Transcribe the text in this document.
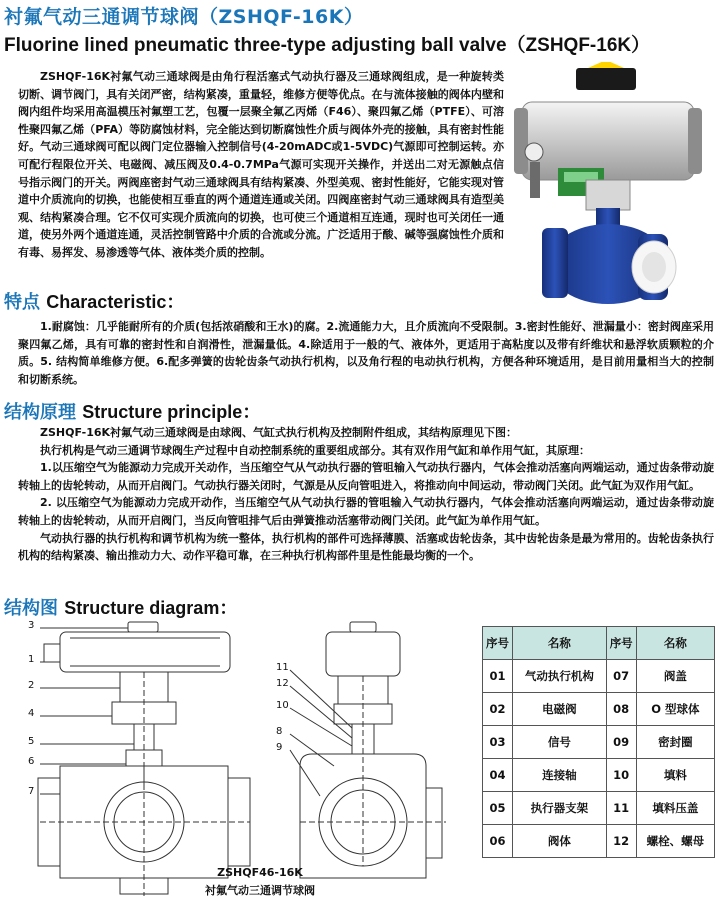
衬氟气动三通调节球阀（ZSHQF-16K）
Fluorine lined pneumatic three-type adjusting ball valve（ZSHQF-16K）
ZSHQF-16K衬氟气动三通球阀是由角行程活塞式气动执行器及三通球阀组成，是一种旋转类切断、调节阀门，具有关闭严密，结构紧凑，重量轻，维修方便等优点。在与流体接触的阀体内壁和阀内组件均采用高温模压衬氟塑工艺，包覆一层聚全氟乙丙烯（F46）、聚四氟乙烯（PTFE）、可溶性聚四氟乙烯（PFA）等防腐蚀材料，完全能达到切断腐蚀性介质与阀体外壳的接触，具有密封性能好。气动三通球阀可配以阀门定位器输入控制信号(4-20mADC或1-5VDC)气源即可控制运转。亦可配行程限位开关、电磁阀、减压阀及0.4-0.7MPa气源可实现开关操作，并送出二对无源触点信号指示阀门的开关。两阀座密封气动三通球阀具有结构紧凑、外型美观、密封性能好，它能实现对管道中介质流向的切换，也能使相互垂直的两个通道连通或关闭。四阀座密封气动三通球阀具有造型美观、结构紧凑合理。它不仅可实现介质流向的切换，也可使三个通道相互连通，现时也可关闭任一通道，使另外两个通道连通，灵活控制管路中介质的合流或分流。广泛适用于酸、碱等强腐蚀性介质和有毒、易挥发、易渗透等气体、液体类介质的控制。
特点 Characteristic：

1.耐腐蚀：几乎能耐所有的介质(包括浓硝酸和王水)的腐。2.流通能力大，且介质流向不受限制。3.密封性能好、泄漏量小：密封阀座采用聚四氟乙烯，具有可靠的密封性和自润滑性，泄漏量低。4.除适用于一般的气、液体外，更适用于高粘度以及带有纤维状和悬浮软质颗粒的介质。5. 结构简单维修方便。6.配多弹簧的齿轮齿条气动执行机构，以及角行程的电动执行机构，方便各种环境适用，是目前用量相当大的控制和切断系统。

结构原理 Structure principle：

ZSHQF-16K衬氟气动三通球阀是由球阀、气缸式执行机构及控制附件组成，其结构原理见下图：

执行机构是气动三通调节球阀生产过程中自动控制系统的重要组成部分。其有双作用气缸和单作用气缸，其原理：

1.以压缩空气为能源动力完成开关动作，当压缩空气从气动执行器的管咀输入气动执行器内，气体会推动活塞向两端运动，通过齿条带动旋转轴上的齿轮转动，从而开启阀门。气动执行器关闭时，气源是从反向管咀进入，将推动向中间运动，带动阀门关闭。此气缸为双作用气缸。

2. 以压缩空气为能源动力完成开动作，当压缩空气从气动执行器的管咀输入气动执行器内，气体会推动活塞向两端运动，通过齿条带动旋转轴上的齿轮转动，从而开启阀门，当反向管咀排气后由弹簧推动活塞带动阀门关闭。此气缸为单作用气缸。

气动执行器的执行机构和调节机构为统一整体，执行机构的部件可选择薄膜、活塞或齿轮齿条，其中齿轮齿条是最为常用的。齿轮齿条执行机构的结构紧凑、输出推动力大、动作平稳可靠，在三种执行机构部件里是性能最均衡的一个。

结构图 Structure diagram：
3
1
2
4
5
6
7
11
12
10
8
9
ZSHQF46-16K
衬氟气动三通调节球阀
序号	名称	序号	名称
01	气动执行机构	07	阀盖
02	电磁阀	08	O 型球体
03	信号	09	密封圈
04	连接轴	10	填料
05	执行器支架	11	填料压盖
06	阀体	12	螺栓、螺母
